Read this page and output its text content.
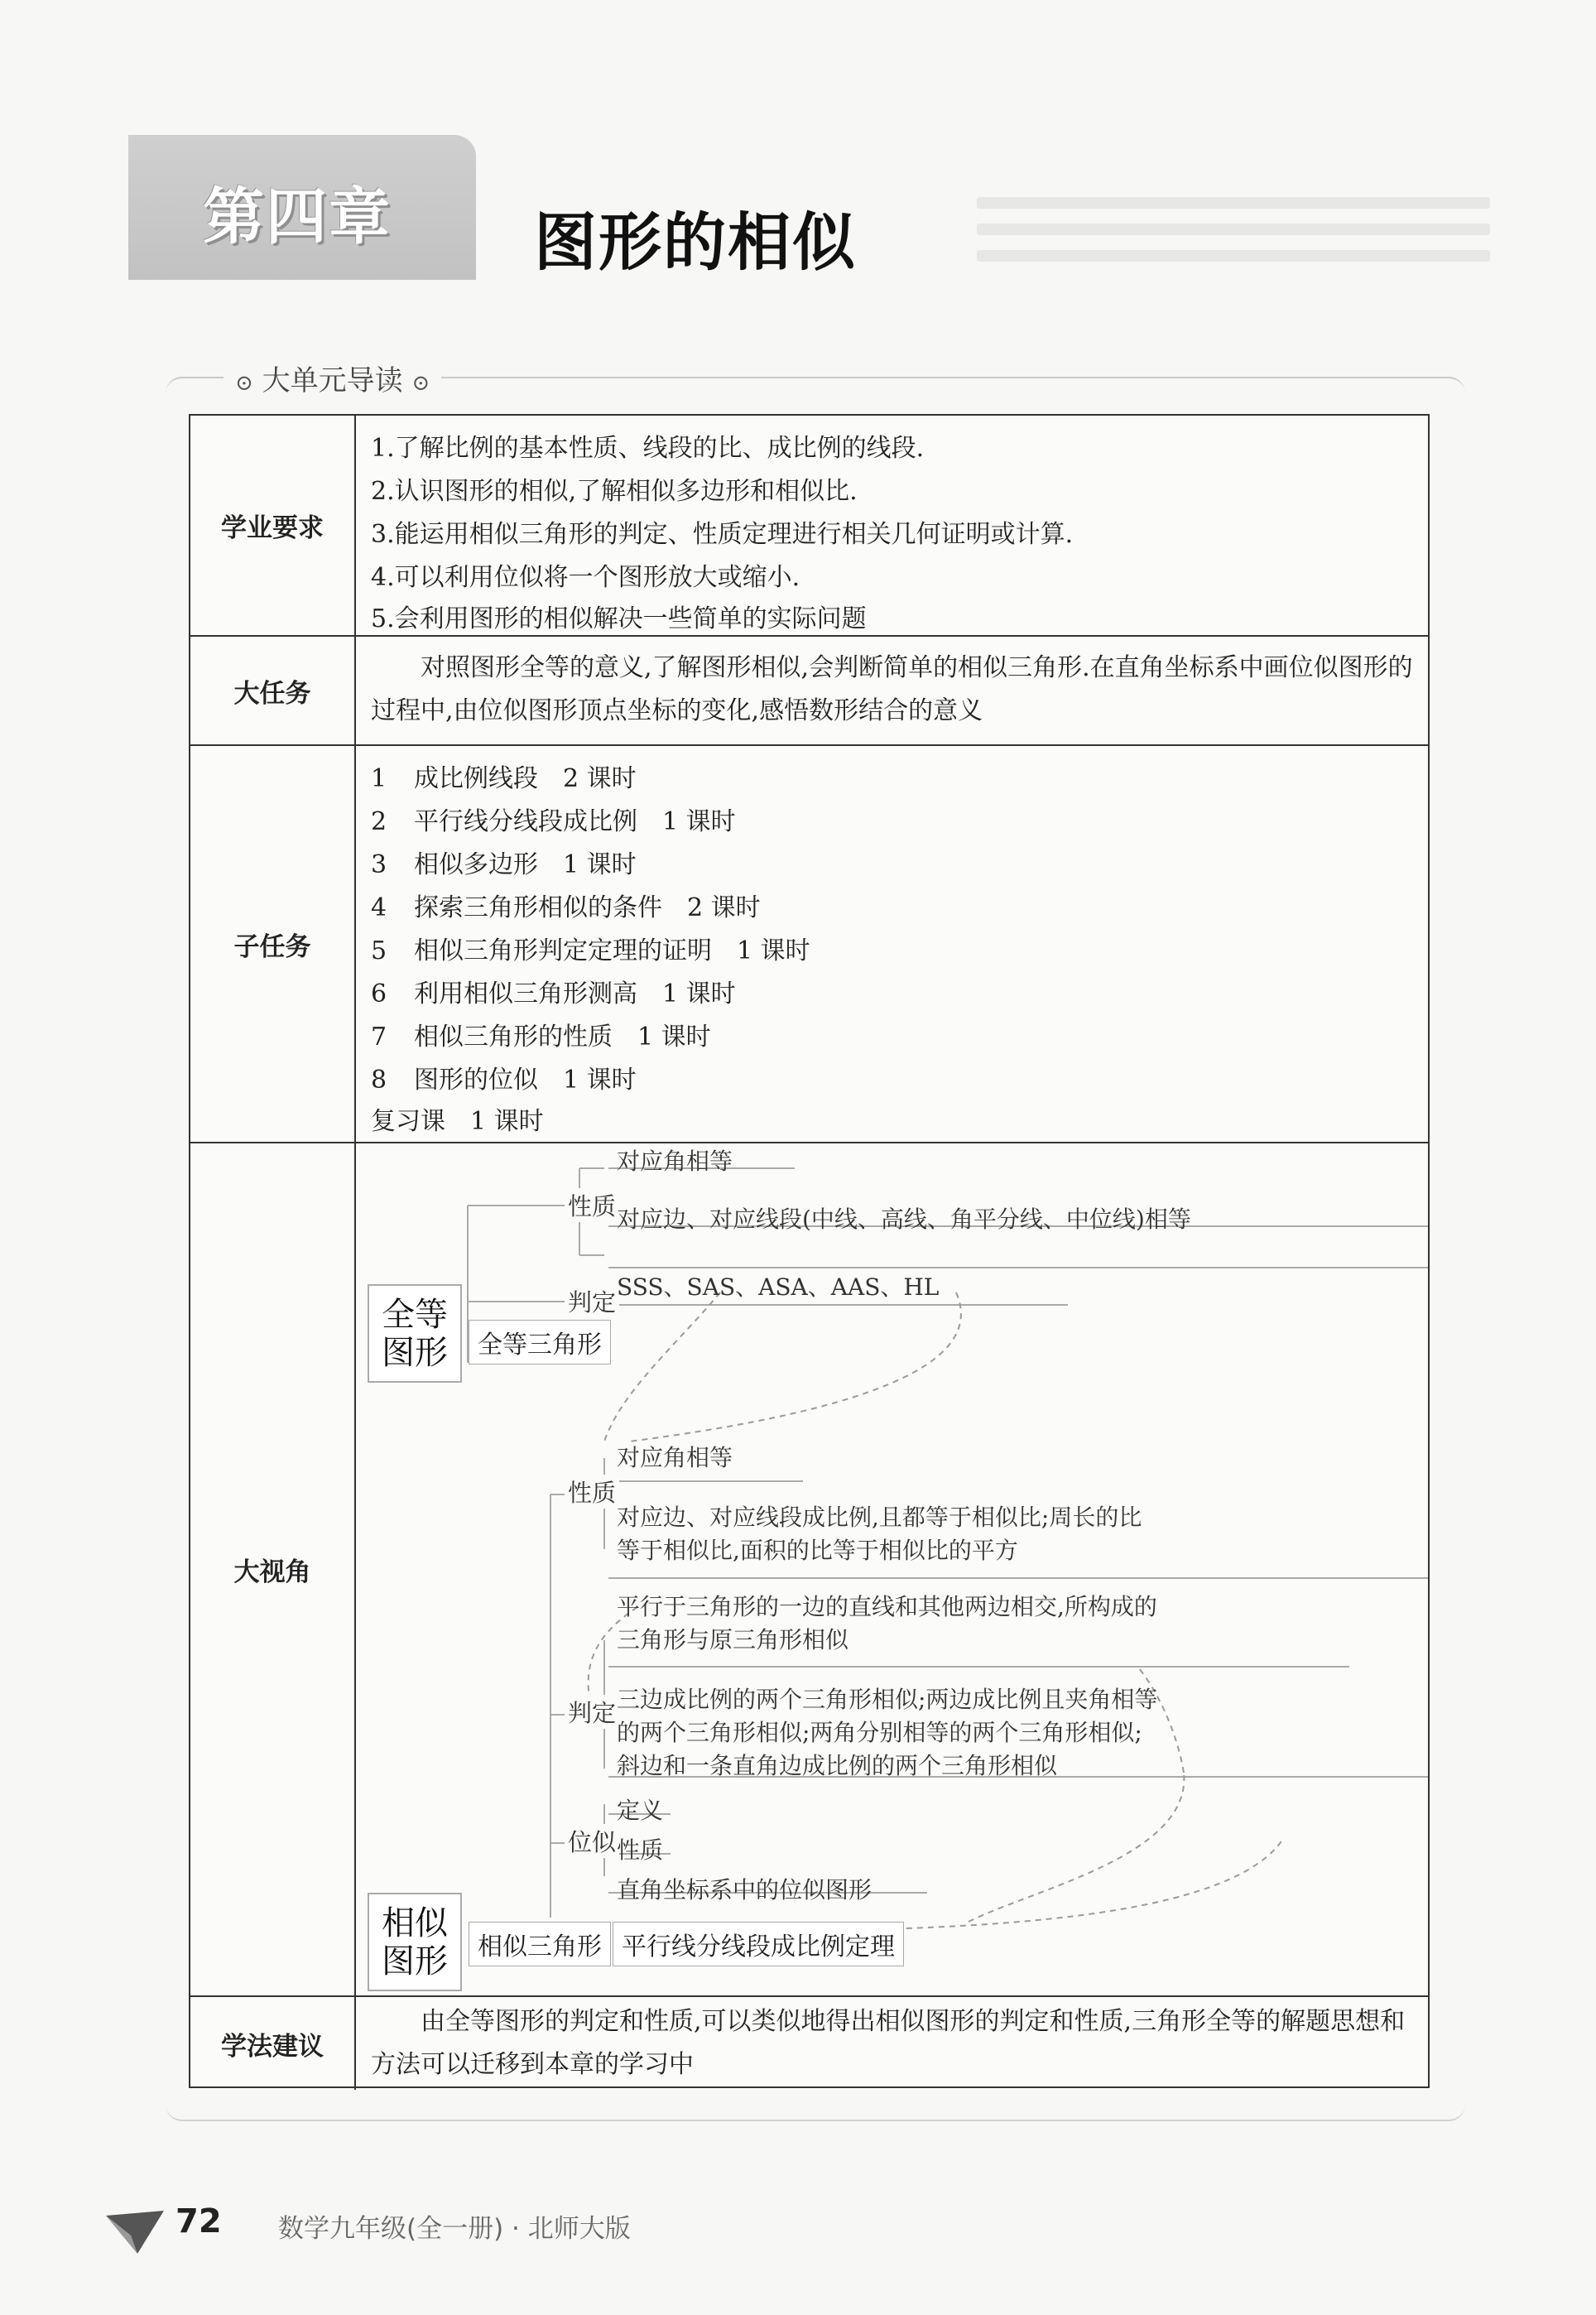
第四章 图形的相似
⊙ 大单元导读 ⊙
学业要求
1.了解比例的基本性质、线段的比、成比例的线段.
2.认识图形的相似,了解相似多边形和相似比.
3.能运用相似三角形的判定、性质定理进行相关几何证明或计算.
4.可以利用位似将一个图形放大或缩小.
5.会利用图形的相似解决一些简单的实际问题
大任务
对照图形全等的意义,了解图形相似,会判断简单的相似三角形.在直角坐标系中画位似图形的过程中,由位似图形顶点坐标的变化,感悟数形结合的意义
子任务
1 成比例线段 2 课时
2 平行线分线段成比例 1 课时
3 相似多边形 1 课时
4 探索三角形相似的条件 2 课时
5 相似三角形判定定理的证明 1 课时
6 利用相似三角形测高 1 课时
7 相似三角形的性质 1 课时
8 图形的位似 1 课时
复习课 1 课时
大视角
全等图形	全等三角形
性质
判定
对应角相等
对应边、对应线段(中线、高线、角平分线、中位线)相等
SSS、SAS、ASA、AAS、HL
相似图形	相似三角形 平行线分线段成比例定理
性质
判定
位似
对应角相等
对应边、对应线段成比例,且都等于相似比;周长的比
等于相似比,面积的比等于相似比的平方
平行于三角形的一边的直线和其他两边相交,所构成的
三角形与原三角形相似
三边成比例的两个三角形相似;两边成比例且夹角相等
的两个三角形相似;两角分别相等的两个三角形相似;
斜边和一条直角边成比例的两个三角形相似
定义
性质
直角坐标系中的位似图形
学法建议
由全等图形的判定和性质,可以类似地得出相似图形的判定和性质,三角形全等的解题思想和方法可以迁移到本章的学习中
72 数学九年级(全一册) · 北师大版
